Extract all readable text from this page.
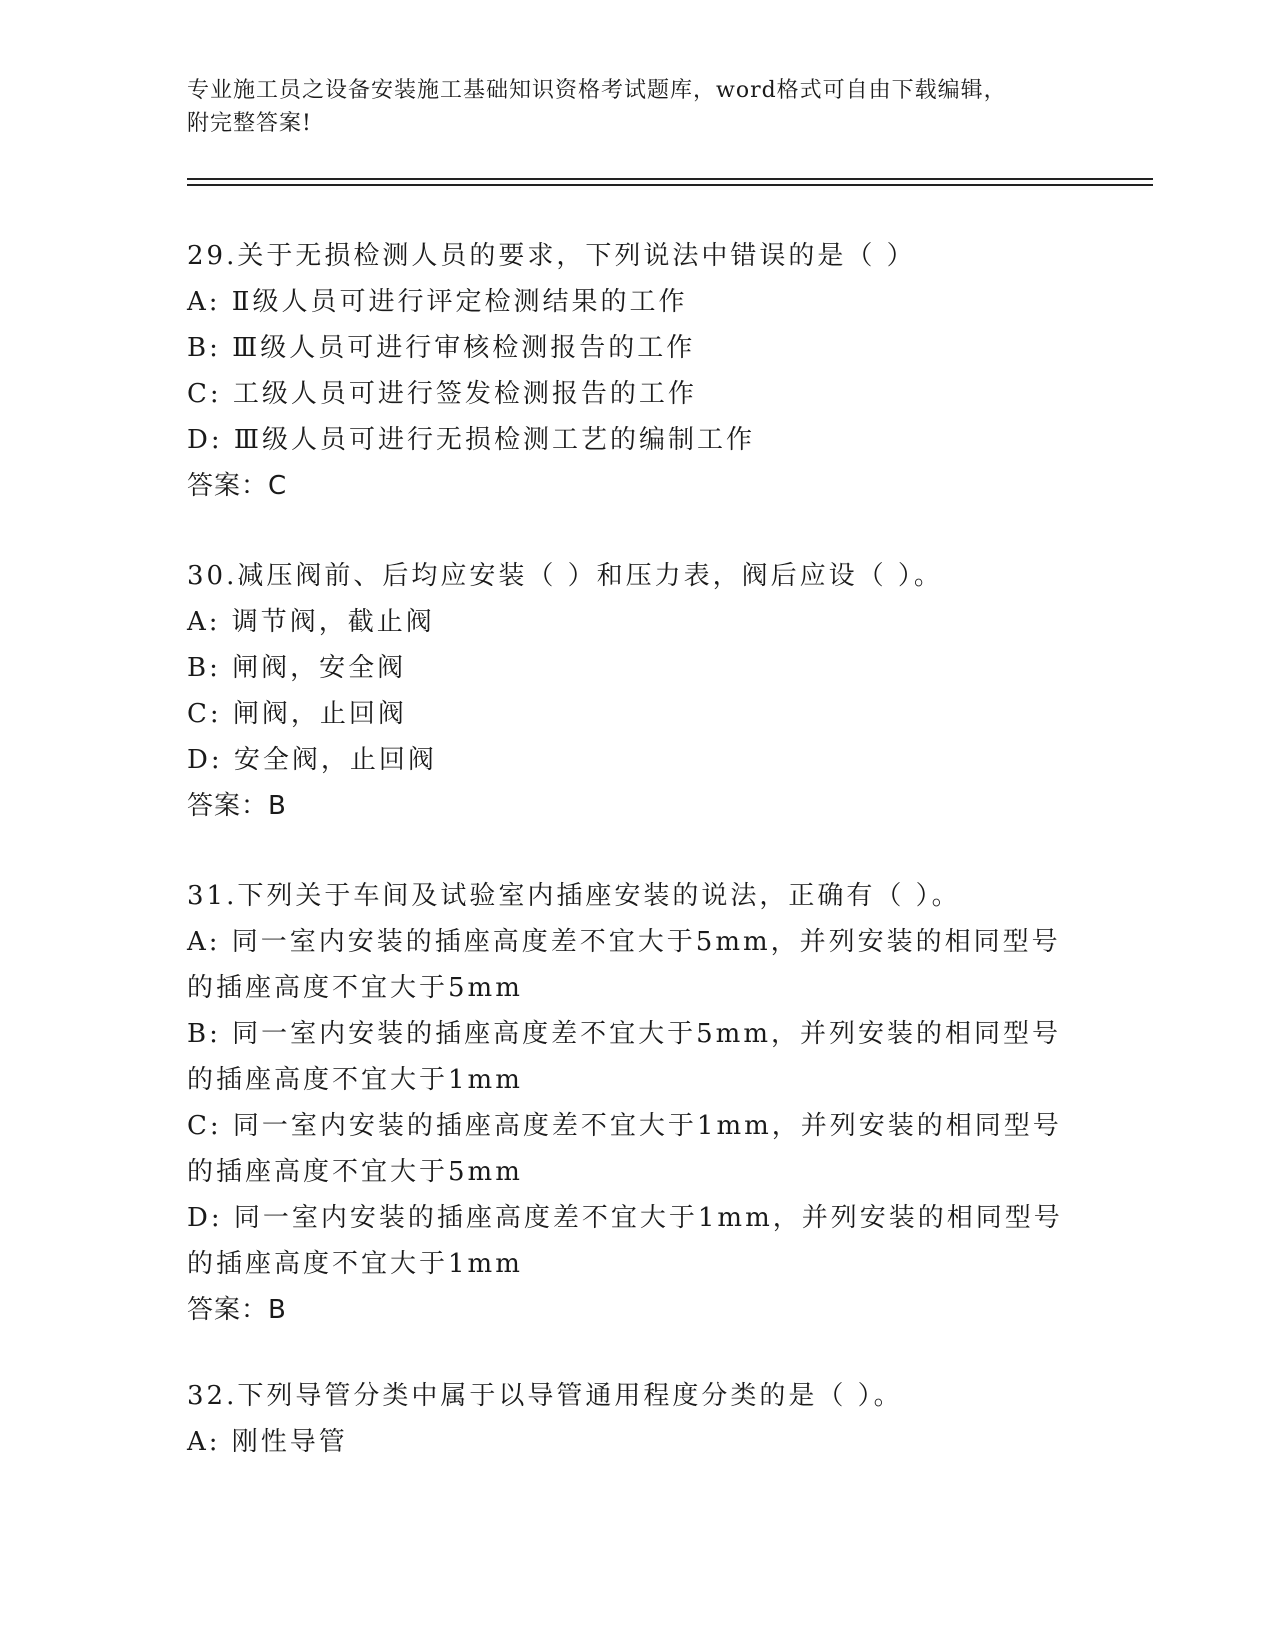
专业施工员之设备安装施工基础知识资格考试题库，word格式可自由下载编辑，
附完整答案!
29.关于无损检测人员的要求，下列说法中错误的是（ ）
A: Ⅱ级人员可进行评定检测结果的工作
B: Ⅲ级人员可进行审核检测报告的工作
C: 工级人员可进行签发检测报告的工作
D: Ⅲ级人员可进行无损检测工艺的编制工作
答案：C
30.减压阀前、后均应安装（ ）和压力表，阀后应设（ ）。
A: 调节阀，截止阀
B: 闸阀，安全阀
C: 闸阀，止回阀
D: 安全阀，止回阀
答案：B
31.下列关于车间及试验室内插座安装的说法，正确有（ ）。
A: 同一室内安装的插座高度差不宜大于5mm，并列安装的相同型号的插座高度不宜大于5mm
B: 同一室内安装的插座高度差不宜大于5mm，并列安装的相同型号的插座高度不宜大于1mm
C: 同一室内安装的插座高度差不宜大于1mm，并列安装的相同型号的插座高度不宜大于5mm
D: 同一室内安装的插座高度差不宜大于1mm，并列安装的相同型号的插座高度不宜大于1mm
答案：B
32.下列导管分类中属于以导管通用程度分类的是（ ）。
A: 刚性导管
